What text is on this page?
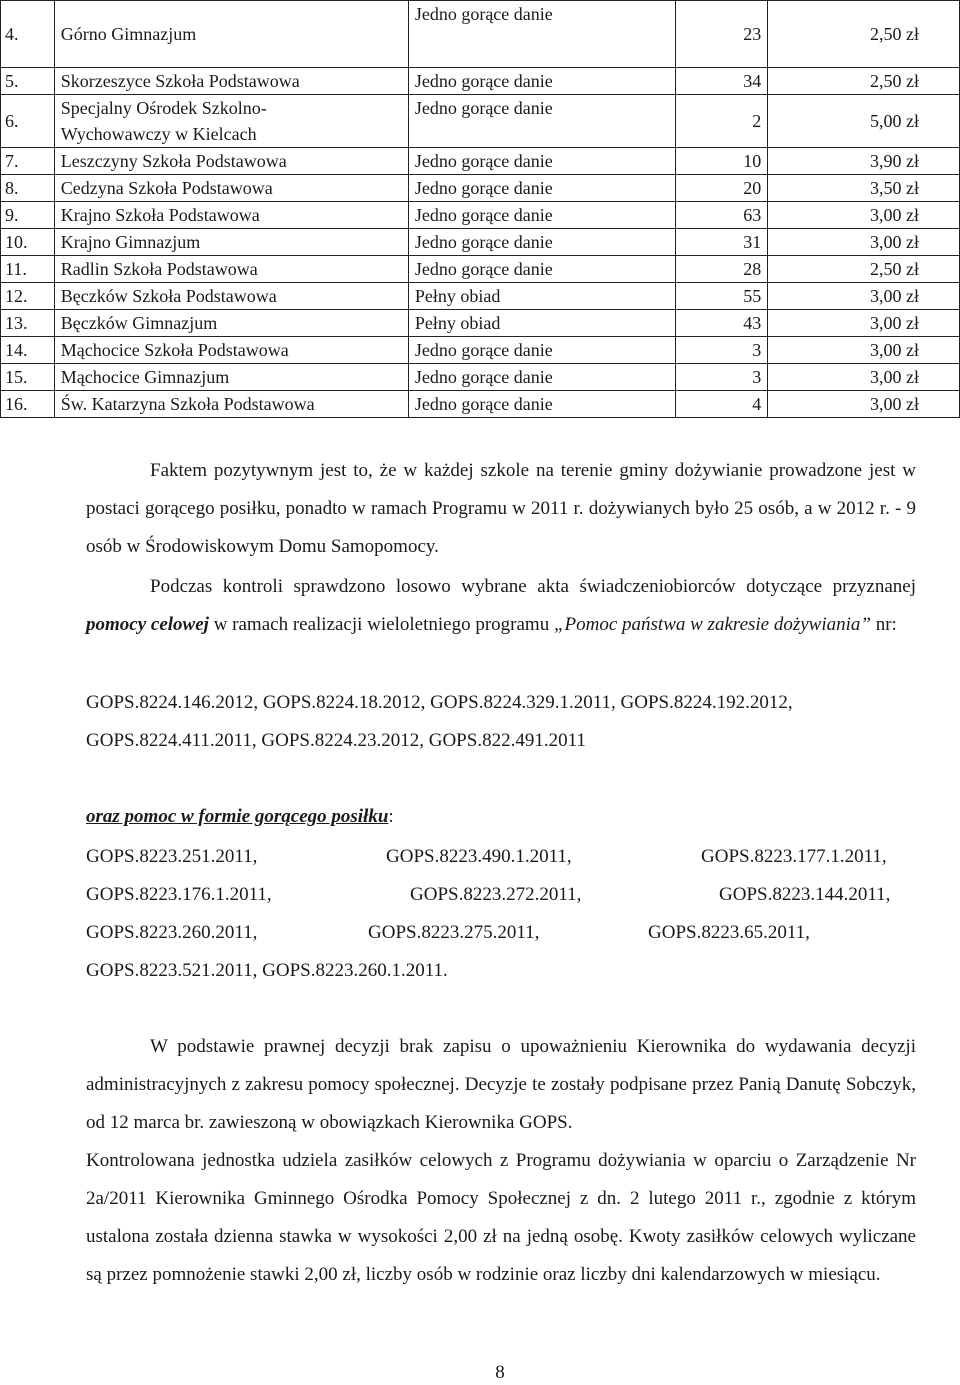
4.	Górno Gimnazjum	Jedno gorące danie	23	2,50 zł
5.	Skorzeszyce Szkoła Podstawowa	Jedno gorące danie	34	2,50 zł
6.	Specjalny Ośrodek Szkolno-
Wychowawczy w Kielcach	Jedno gorące danie	2	5,00 zł
7.	Leszczyny Szkoła Podstawowa	Jedno gorące danie	10	3,90 zł
8.	Cedzyna Szkoła Podstawowa	Jedno gorące danie	20	3,50 zł
9.	Krajno Szkoła Podstawowa	Jedno gorące danie	63	3,00 zł
10.	Krajno Gimnazjum	Jedno gorące danie	31	3,00 zł
11.	Radlin Szkoła Podstawowa	Jedno gorące danie	28	2,50 zł
12.	Bęczków Szkoła Podstawowa	Pełny obiad	55	3,00 zł
13.	Bęczków Gimnazjum	Pełny obiad	43	3,00 zł
14.	Mąchocice Szkoła Podstawowa	Jedno gorące danie	3	3,00 zł
15.	Mąchocice Gimnazjum	Jedno gorące danie	3	3,00 zł
16.	Św. Katarzyna Szkoła Podstawowa	Jedno gorące danie	4	3,00 zł
Faktem pozytywnym jest to, że w każdej szkole na terenie gminy dożywianie prowadzone jest w postaci gorącego posiłku, ponadto w ramach Programu w 2011 r. dożywianych było 25 osób, a w 2012 r. - 9 osób w Środowiskowym Domu Samopomocy.
Podczas kontroli sprawdzono losowo wybrane akta świadczeniobiorców dotyczące przyznanej pomocy celowej w ramach realizacji wieloletniego programu „Pomoc państwa w zakresie dożywiania” nr:
GOPS.8224.146.2012, GOPS.8224.18.2012, GOPS.8224.329.1.2011, GOPS.8224.192.2012,
GOPS.8224.411.2011, GOPS.8224.23.2012, GOPS.822.491.2011
oraz pomoc w formie gorącego posiłku:
GOPS.8223.251.2011,	GOPS.8223.490.1.2011,	GOPS.8223.177.1.2011,
GOPS.8223.176.1.2011,	GOPS.8223.272.2011,	GOPS.8223.144.2011,
GOPS.8223.260.2011,	GOPS.8223.275.2011,	GOPS.8223.65.2011,
GOPS.8223.521.2011, GOPS.8223.260.1.2011.
W podstawie prawnej decyzji brak zapisu o upoważnieniu Kierownika do wydawania decyzji administracyjnych z zakresu pomocy społecznej. Decyzje te zostały podpisane przez Panią Danutę Sobczyk, od 12 marca br. zawieszoną w obowiązkach Kierownika GOPS.
Kontrolowana jednostka udziela zasiłków celowych z Programu dożywiania w oparciu o Zarządzenie Nr 2a/2011 Kierownika Gminnego Ośrodka Pomocy Społecznej z dn. 2 lutego 2011 r., zgodnie z którym ustalona została dzienna stawka w wysokości 2,00 zł na jedną osobę. Kwoty zasiłków celowych wyliczane są przez pomnożenie stawki 2,00 zł, liczby osób w rodzinie oraz liczby dni kalendarzowych w miesiącu.
8
